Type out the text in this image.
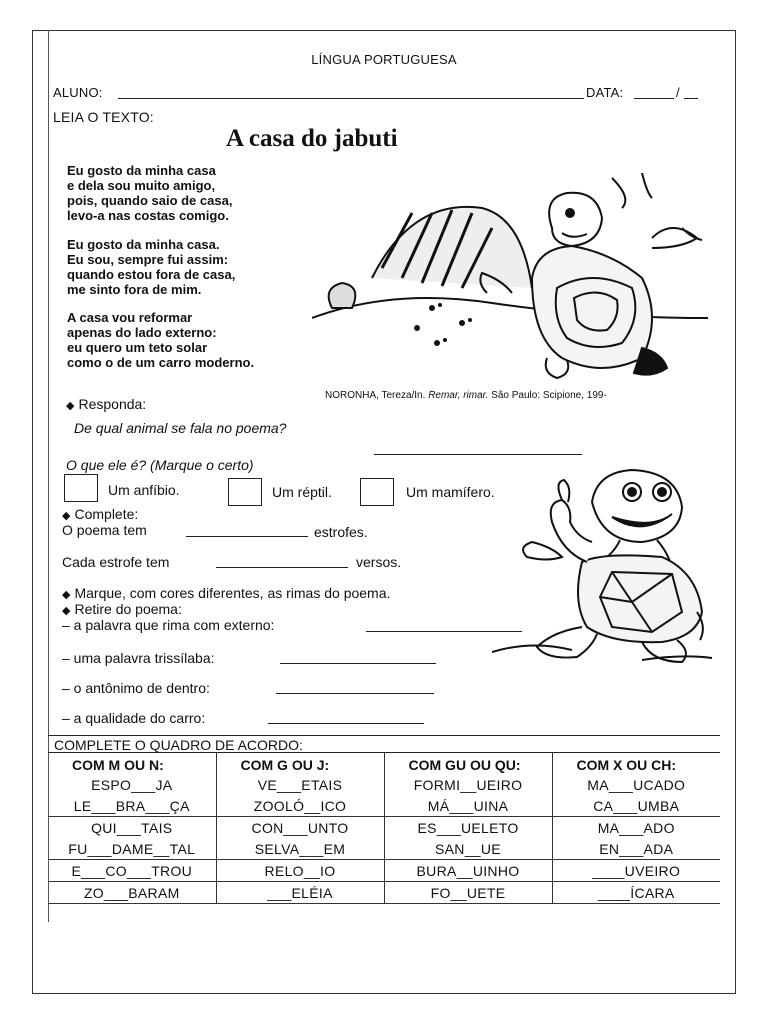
LÍNGUA PORTUGUESA
ALUNO:	DATA:	/
LEIA O TEXTO:
A casa do jabuti
Eu gosto da minha casa
e dela sou muito amigo,
pois, quando saio de casa,
levo-a nas costas comigo.
Eu gosto da minha casa.
Eu sou, sempre fui assim:
quando estou fora de casa,
me sinto fora de mim.
A casa vou reformar
apenas do lado externo:
eu quero um teto solar
como o de um carro moderno.
NORONHA, Tereza/In. Remar, rimar. São Paulo: Scipione, 199-
◆ Responda:
De qual animal se fala no poema?
O que ele é? (Marque o certo)
Um anfíbio.	Um réptil.	Um mamífero.
◆ Complete:
O poema tem	estrofes.
Cada estrofe tem	versos.
◆ Marque, com cores diferentes, as rimas do poema.
◆ Retire do poema:
– a palavra que rima com externo:
– uma palavra trissílaba:
– o antônimo de dentro:
– a qualidade do carro:
COMPLETE O QUADRO DE ACORDO:
COM M OU N:	COM G OU J:	COM GU OU QU:	COM X OU CH:
ESPO___JA	VE___ETAIS	FORMI__UEIRO	MA___UCADO
LE___BRA___ÇA	ZOOLÓ__ICO	MÁ___UINA	CA___UMBA
QUI___TAIS	CON___UNTO	ES___UELETO	MA___ADO
FU___DAME__TAL	SELVA___EM	SAN__UE	EN___ADA
E___CO___TROU	RELO__IO	BURA__UINHO	____UVEIRO
ZO___BARAM	___ELÉIA	FO__UETE	____ÍCARA
